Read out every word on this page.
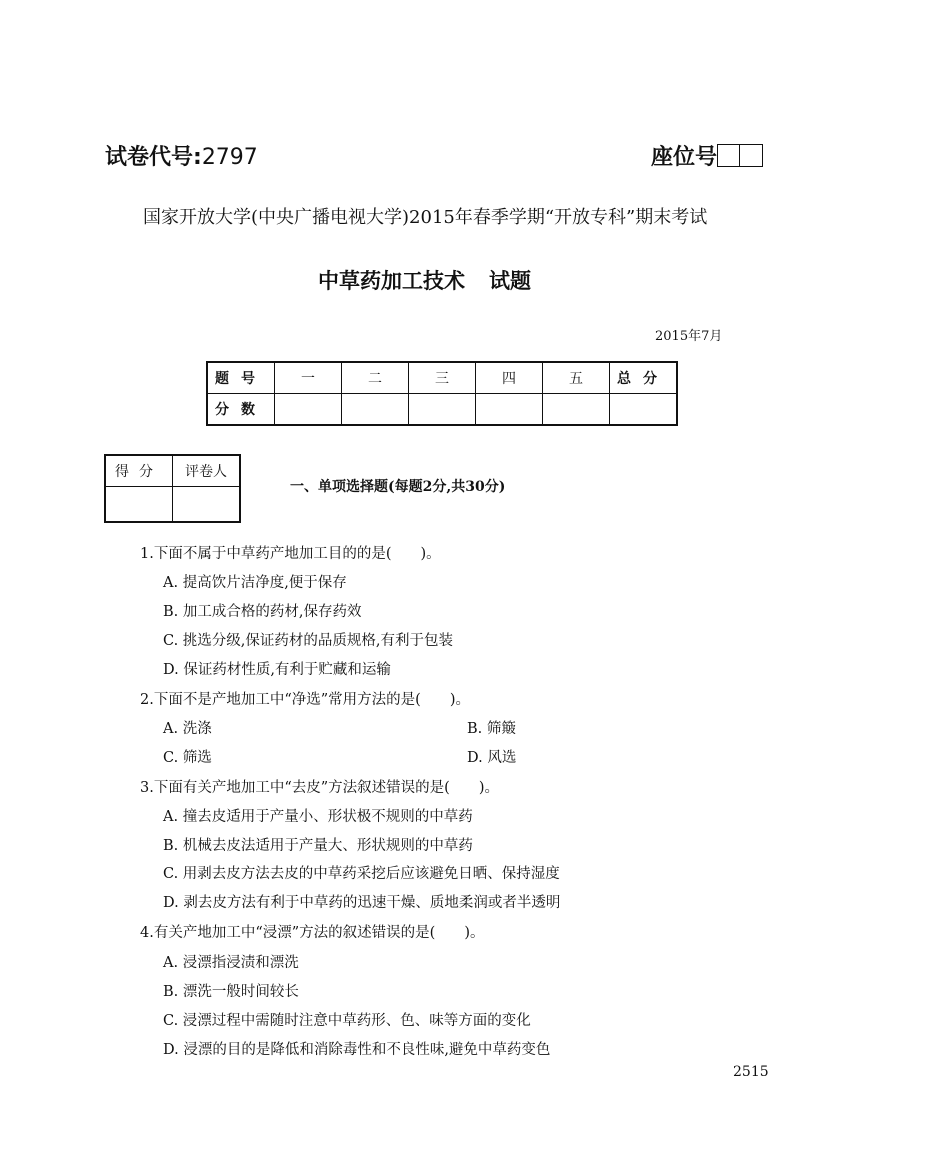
试卷代号:2797	座位号
国家开放大学(中央广播电视大学)2015年春季学期“开放专科”期末考试
中草药加工技术 试题
2015年7月
题号	一	二	三	四	五	总分
分数						
得分	评卷人

一、单项选择题(每题2分,共30分)
1.下面不属于中草药产地加工目的的是(　　)。
A. 提高饮片洁净度,便于保存
B. 加工成合格的药材,保存药效
C. 挑选分级,保证药材的品质规格,有利于包装
D. 保证药材性质,有利于贮藏和运输
2.下面不是产地加工中“净选”常用方法的是(　　)。
A. 洗涤	B. 筛簸
C. 筛选	D. 风选
3.下面有关产地加工中“去皮”方法叙述错误的是(　　)。
A. 撞去皮适用于产量小、形状极不规则的中草药
B. 机械去皮法适用于产量大、形状规则的中草药
C. 用剥去皮方法去皮的中草药采挖后应该避免日晒、保持湿度
D. 剥去皮方法有利于中草药的迅速干燥、质地柔润或者半透明
4.有关产地加工中“浸漂”方法的叙述错误的是(　　)。
A. 浸漂指浸渍和漂洗
B. 漂洗一般时间较长
C. 浸漂过程中需随时注意中草药形、色、味等方面的变化
D. 浸漂的目的是降低和消除毒性和不良性味,避免中草药变色
2515
